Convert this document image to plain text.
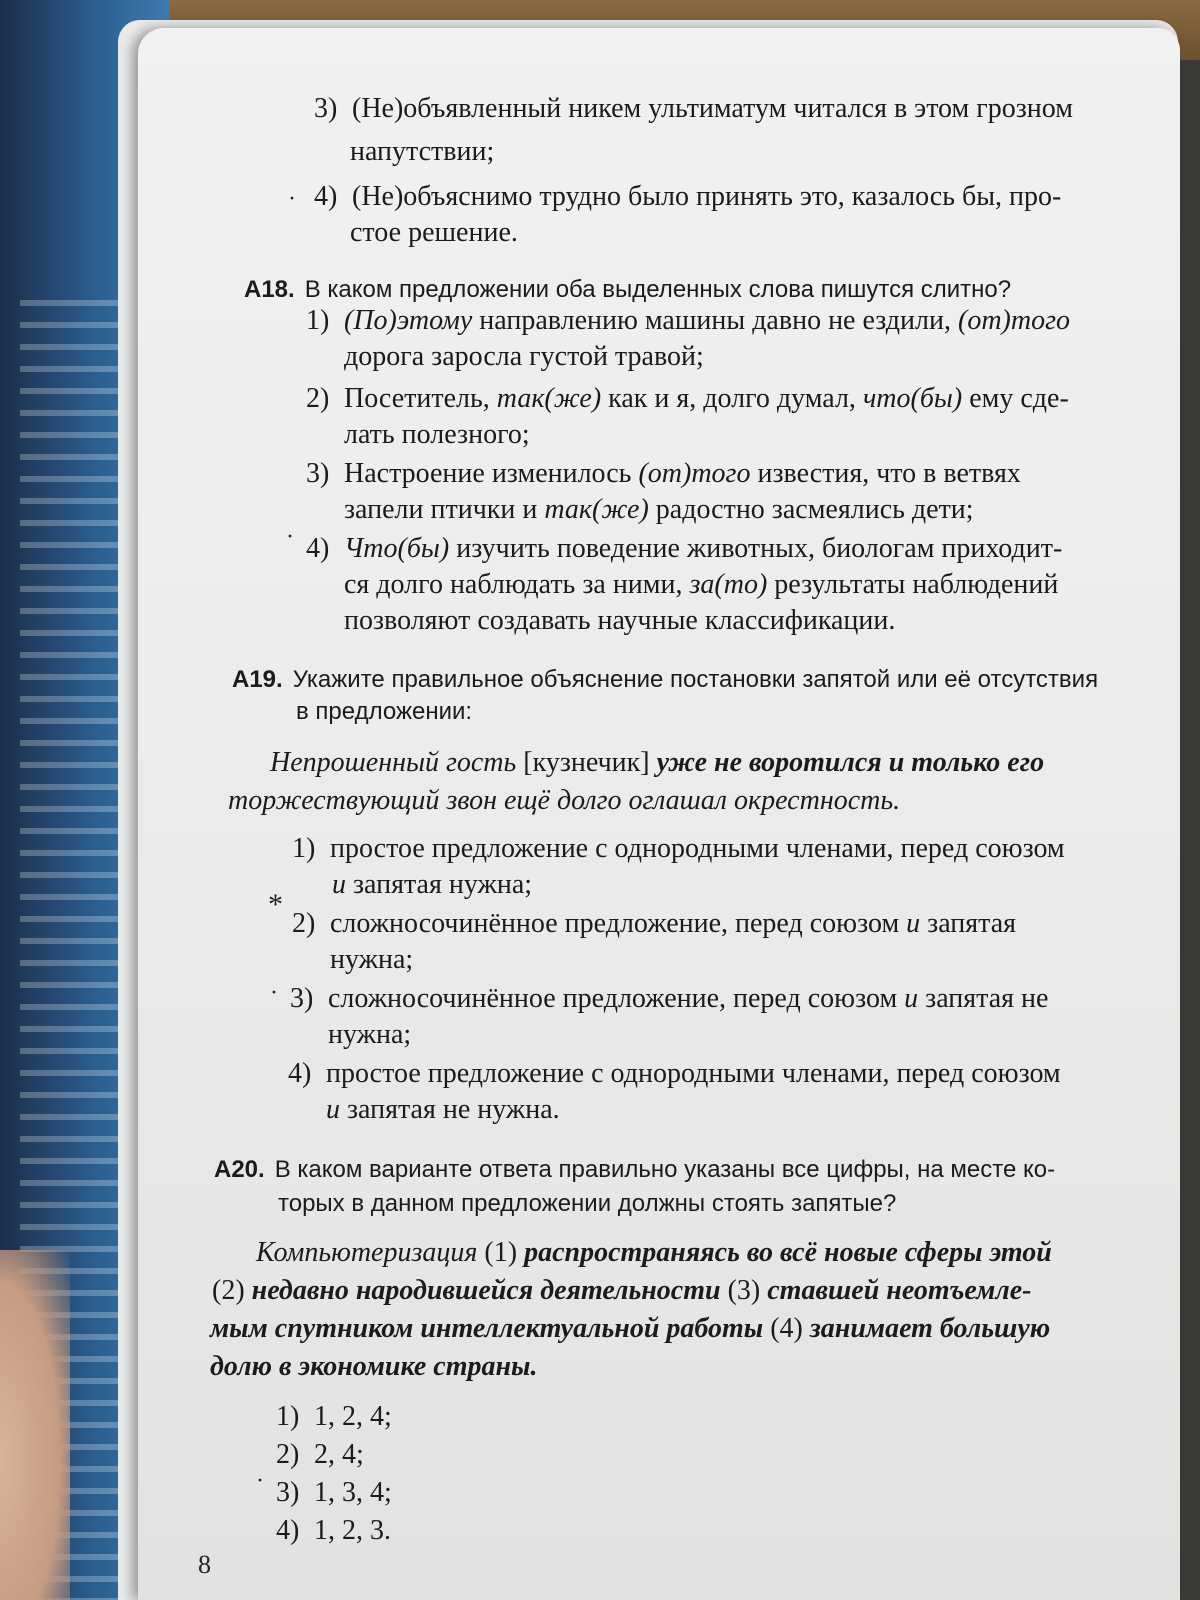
3) (Не)объявленный никем ультиматум читался в этом грозном
напутствии;
· 4) (Не)объяснимо трудно было принять это, казалось бы, про-
стое решение.
А18. В каком предложении оба выделенных слова пишутся слитно?
1) (По)этому направлению машины давно не ездили, (от)того
дорога заросла густой травой;
2) Посетитель, так(же) как и я, долго думал, что(бы) ему сде-
лать полезного;
3) Настроение изменилось (от)того известия, что в ветвях
запели птички и так(же) радостно засмеялись дети;
· 4) Что(бы) изучить поведение животных, биологам приходит-
ся долго наблюдать за ними, за(то) результаты наблюдений
позволяют создавать научные классификации.
А19. Укажите правильное объяснение постановки запятой или её отсутствия
в предложении:
Непрошенный гость [кузнечик] уже не воротился и только его
торжествующий звон ещё долго оглашал окрестность.
1) простое предложение с однородными членами, перед союзом
и запятая нужна;
*
2) сложносочинённое предложение, перед союзом и запятая
нужна;
· 3) сложносочинённое предложение, перед союзом и запятая не
нужна;
4) простое предложение с однородными членами, перед союзом
и запятая не нужна.
А20. В каком варианте ответа правильно указаны все цифры, на месте ко-
торых в данном предложении должны стоять запятые?
Компьютеризация (1) распространяясь во всё новые сферы этой
(2) недавно народившейся деятельности (3) ставшей неотъемле-
мым спутником интеллектуальной работы (4) занимает большую
долю в экономике страны.
1) 1, 2, 4;
2) 2, 4;
· 3) 1, 3, 4;
4) 1, 2, 3.
8
